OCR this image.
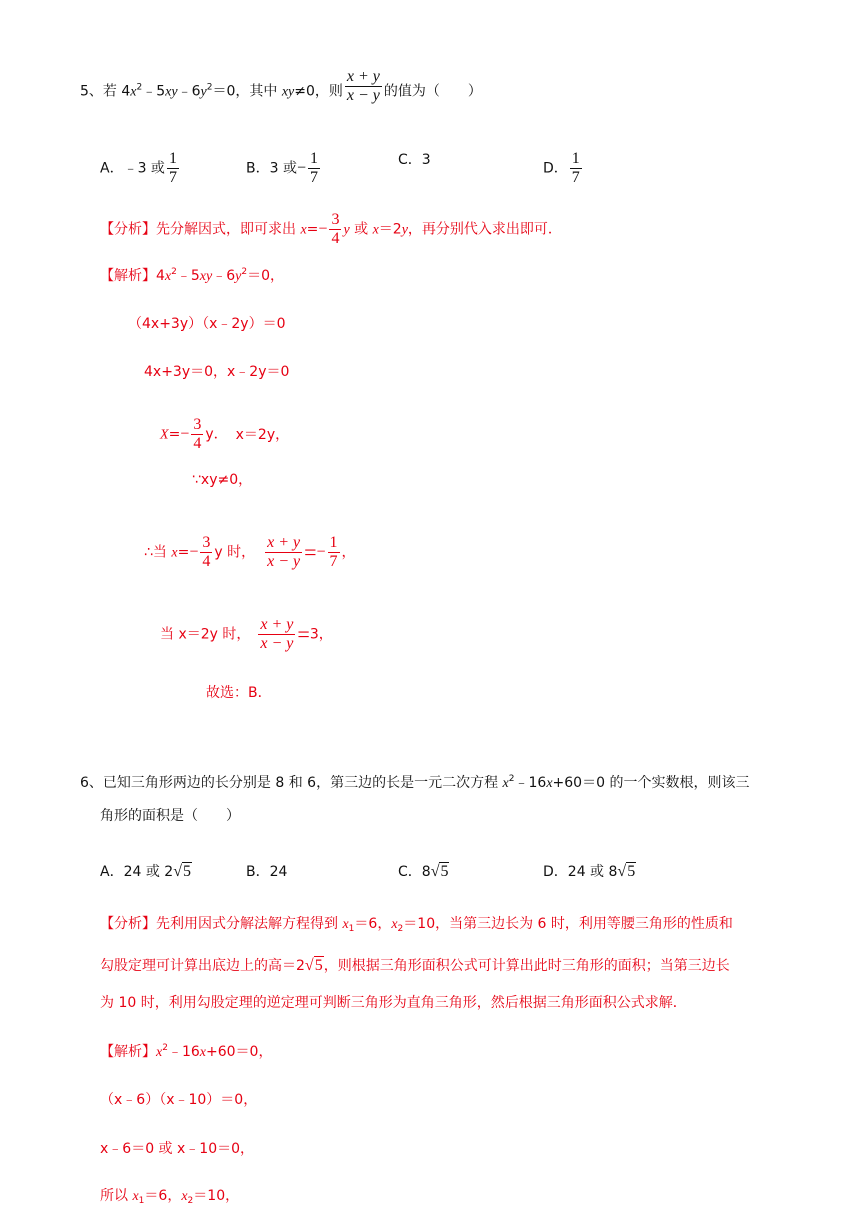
5、若 $4x^2﹣5xy﹣6y^2=0$，其中 xy≠0，则 $\frac{x + y}{x - y}$ 的值为（　　）
A．﹣3 或 $\frac{1}{7}$	B．3 或− $\frac{1}{7}$	C．3
D． $\frac{1}{7}$
【分析】先分解因式，即可求出 $x=- \frac{3}{4}$ y 或 x＝2y，再分别代入求出即可．
【解析】$4x^2﹣5xy﹣6y^2=0$，
（4x+3y）（x﹣2y）＝0
4x+3y＝0，x﹣2y＝0
$X=- \frac{3}{4}$ y． x＝2y，
∵xy≠0，
∴当 $x=- \frac{3}{4}$ y 时， $\frac{x + y}{x - y} =- \frac{1}{7}$ ，
当 x＝2y 时， $\frac{x + y}{x - y} =3$，
故选：B．
6、已知三角形两边的长分别是 8 和 6，第三边的长是一元二次方程 $x^2﹣16x+60=0$ 的一个实数根，则该三
角形的面积是（　　）
A．24 或 2√5	B．24	C．8√5	D．24 或 8√5
【分析】先利用因式分解法解方程得到 $x_1=6$，$x_2=10$，当第三边长为 6 时，利用等腰三角形的性质和
勾股定理可计算出底边上的高＝2√5，则根据三角形面积公式可计算出此时三角形的面积；当第三边长
为 10 时，利用勾股定理的逆定理可判断三角形为直角三角形，然后根据三角形面积公式求解．
【解析】$x^2﹣16x+60=0$，
（x﹣6）（x﹣10）＝0，
x﹣6＝0 或 x﹣10＝0，
所以 $x_1=6$，$x_2=10$，
